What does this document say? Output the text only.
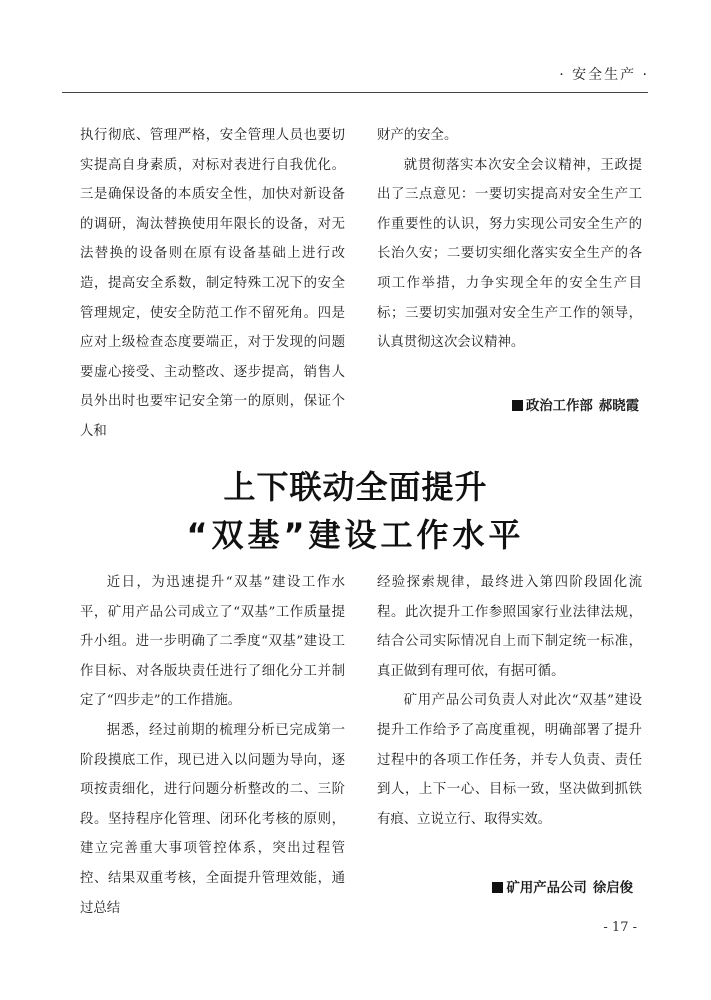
· 安全生产 ·

执行彻底、管理严格，安全管理人员也要切实提高自身素质，对标对表进行自我优化。三是确保设备的本质安全性，加快对新设备的调研，淘汰替换使用年限长的设备，对无法替换的设备则在原有设备基础上进行改造，提高安全系数，制定特殊工况下的安全管理规定，使安全防范工作不留死角。四是应对上级检查态度要端正，对于发现的问题要虚心接受、主动整改、逐步提高，销售人员外出时也要牢记安全第一的原则，保证个人和

财产的安全。

就贯彻落实本次安全会议精神，王政提出了三点意见：一要切实提高对安全生产工作重要性的认识，努力实现公司安全生产的长治久安；二要切实细化落实安全生产的各项工作举措，力争实现全年的安全生产目标；三要切实加强对安全生产工作的领导，认真贯彻这次会议精神。

政治工作部 郝晓霞
上下联动全面提升
“双基”建设工作水平

近日，为迅速提升“双基”建设工作水平，矿用产品公司成立了“双基”工作质量提升小组。进一步明确了二季度“双基”建设工作目标、对各版块责任进行了细化分工并制定了“四步走”的工作措施。

据悉，经过前期的梳理分析已完成第一阶段摸底工作，现已进入以问题为导向，逐项按责细化，进行问题分析整改的二、三阶段。坚持程序化管理、闭环化考核的原则，建立完善重大事项管控体系，突出过程管控、结果双重考核，全面提升管理效能，通过总结

经验探索规律，最终进入第四阶段固化流程。此次提升工作参照国家行业法律法规，结合公司实际情况自上而下制定统一标准，真正做到有理可依，有据可循。

矿用产品公司负责人对此次“双基”建设提升工作给予了高度重视，明确部署了提升过程中的各项工作任务，并专人负责、责任到人，上下一心、目标一致，坚决做到抓铁有痕、立说立行、取得实效。

矿用产品公司 徐启俊
- 17 -
